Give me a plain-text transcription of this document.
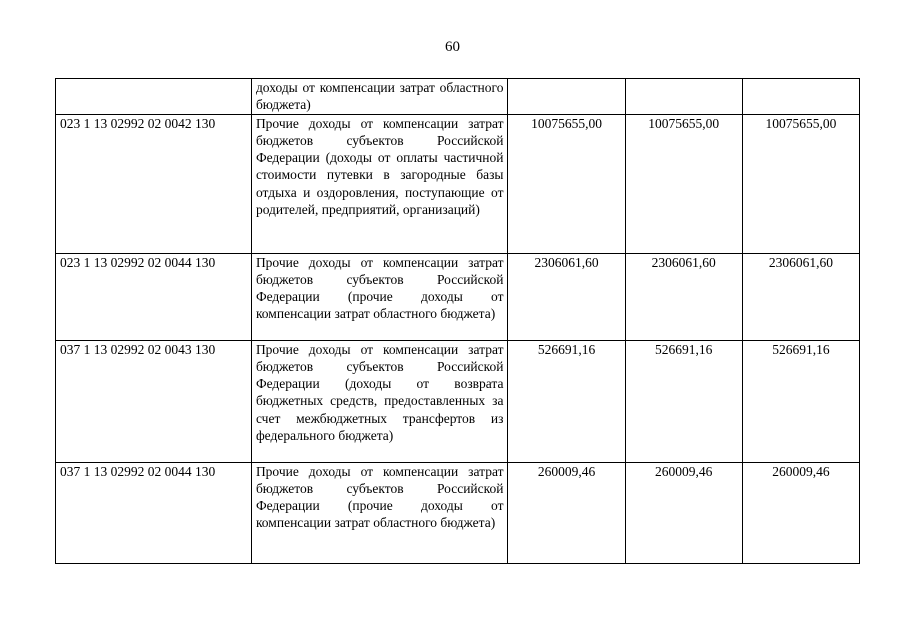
60
	доходы от компенсации затрат областного бюджета)			
023 1 13 02992 02 0042 130	Прочие доходы от компенсации затрат бюджетов субъектов Российской Федерации (доходы от оплаты частичной стоимости путевки в загородные базы отдыха и оздоровления, поступающие от родителей, предприятий, организаций)	10075655,00	10075655,00	10075655,00
023 1 13 02992 02 0044 130	Прочие доходы от компенсации затрат бюджетов субъектов Российской Федерации (прочие доходы от компенсации затрат областного бюджета)	2306061,60	2306061,60	2306061,60
037 1 13 02992 02 0043 130	Прочие доходы от компенсации затрат бюджетов субъектов Российской Федерации (доходы от возврата бюджетных средств, предоставленных за счет межбюджетных трансфертов из федерального бюджета)	526691,16	526691,16	526691,16
037 1 13 02992 02 0044 130	Прочие доходы от компенсации затрат бюджетов субъектов Российской Федерации (прочие доходы от компенсации затрат областного бюджета)	260009,46	260009,46	260009,46
